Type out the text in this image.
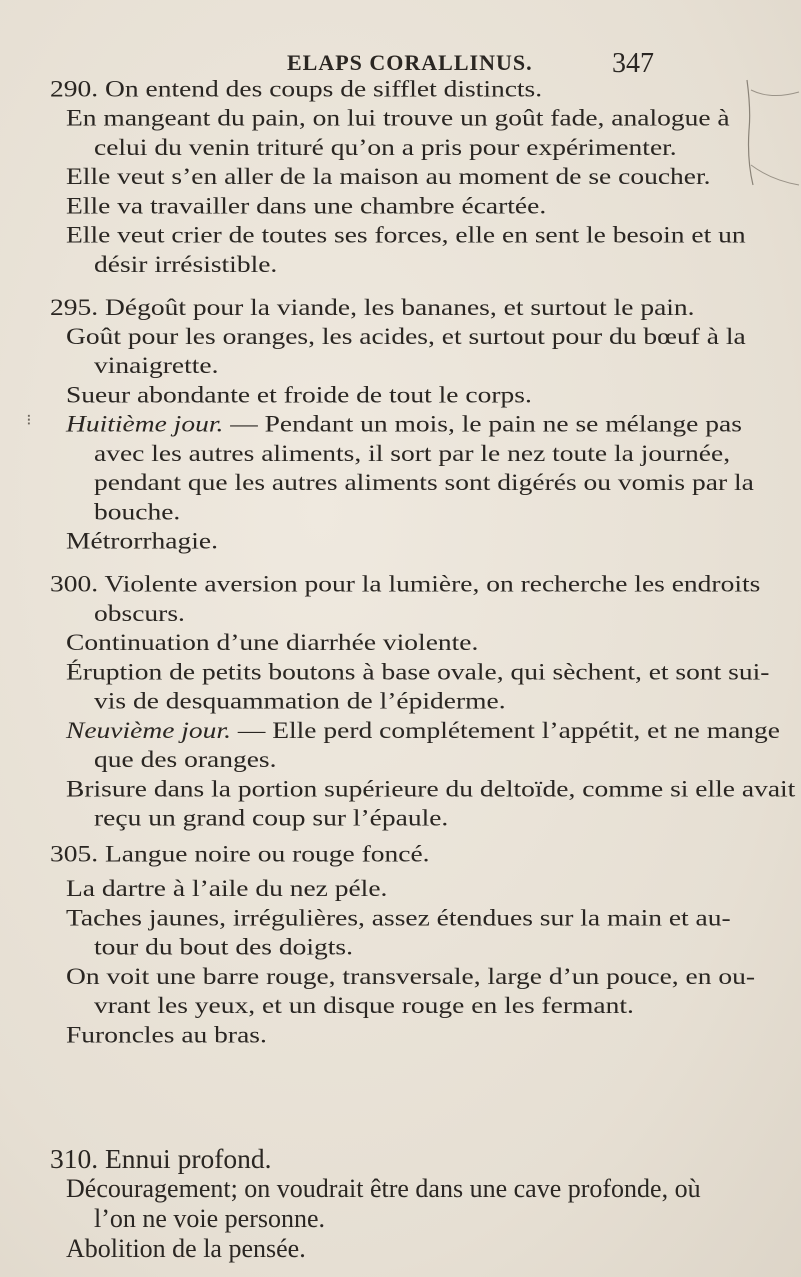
ELAPS CORALLINUS.	347
290. On entend des coups de sifflet distincts.
En mangeant du pain, on lui trouve un goût fade, analogue à
celui du venin trituré qu’on a pris pour expérimenter.
Elle veut s’en aller de la maison au moment de se coucher.
Elle va travailler dans une chambre écartée.
Elle veut crier de toutes ses forces, elle en sent le besoin et un
désir irrésistible.
295. Dégoût pour la viande, les bananes, et surtout le pain.
Goût pour les oranges, les acides, et surtout pour du bœuf à la
vinaigrette.
Sueur abondante et froide de tout le corps.
⁝ Huitième jour. — Pendant un mois, le pain ne se mélange pas
avec les autres aliments, il sort par le nez toute la journée,
pendant que les autres aliments sont digérés ou vomis par la
bouche.
Métrorrhagie.
300. Violente aversion pour la lumière, on recherche les endroits
obscurs.
Continuation d’une diarrhée violente.
Éruption de petits boutons à base ovale, qui sèchent, et sont sui-
vis de desquammation de l’épiderme.
Neuvième jour. — Elle perd complétement l’appétit, et ne mange
que des oranges.
Brisure dans la portion supérieure du deltoïde, comme si elle avait
reçu un grand coup sur l’épaule.
305. Langue noire ou rouge foncé.
La dartre à l’aile du nez péle.
Taches jaunes, irrégulières, assez étendues sur la main et au-
tour du bout des doigts.
On voit une barre rouge, transversale, large d’un pouce, en ou-
vrant les yeux, et un disque rouge en les fermant.
Furoncles au bras.
310. Ennui profond.
Découragement; on voudrait être dans une cave profonde, où
l’on ne voie personne.
Abolition de la pensée.
